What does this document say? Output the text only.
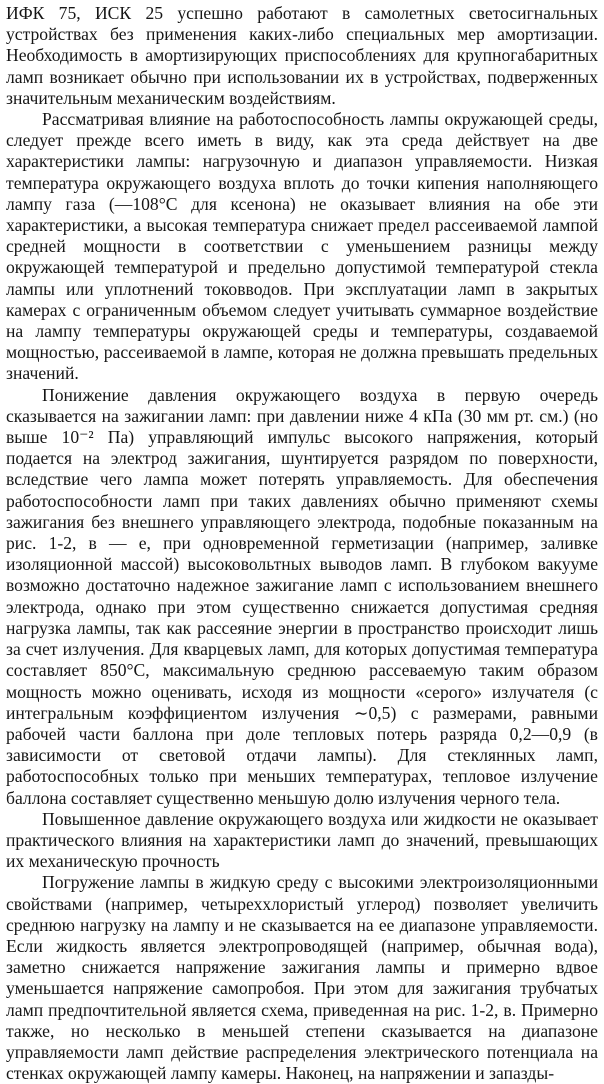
ИФК 75, ИСК 25 успешно работают в самолетных светосигнальных устройствах без применения каких-либо специальных мер амортизации. Необходимость в амортизирующих приспособлениях для крупногабаритных ламп возникает обычно при использовании их в устройствах, подверженных значительным механическим воздействиям.

Рассматривая влияние на работоспособность лампы окружающей среды, следует прежде всего иметь в виду, как эта среда действует на две характеристики лампы: нагрузочную и диапазон управляемости. Низкая температура окружающего воздуха вплоть до точки кипения наполняющего лампу газа (—108°С для ксенона) не оказывает влияния на обе эти характеристики, а высокая температура снижает предел рассеиваемой лампой средней мощности в соответствии с уменьшением разницы между окружающей температурой и предельно допустимой температурой стекла лампы или уплотнений токовводов. При эксплуатации ламп в закрытых камерах с ограниченным объемом следует учитывать суммарное воздействие на лампу температуры окружающей среды и температуры, создаваемой мощностью, рассеиваемой в лампе, которая не должна превышать предельных значений.

Понижение давления окружающего воздуха в первую очередь сказывается на зажигании ламп: при давлении ниже 4 кПа (30 мм рт. см.) (но выше 10⁻² Па) управляющий импульс высокого напряжения, который подается на электрод зажигания, шунтируется разрядом по поверхности, вследствие чего лампа может потерять управляемость. Для обеспечения работоспособности ламп при таких давлениях обычно применяют схемы зажигания без внешнего управляющего электрода, подобные показанным на рис. 1-2, в — е, при одновременной герметизации (например, заливке изоляционной массой) высоковольтных выводов ламп. В глубоком вакууме возможно достаточно надежное зажигание ламп с использованием внешнего электрода, однако при этом существенно снижается допустимая средняя нагрузка лампы, так как рассеяние энергии в пространство происходит лишь за счет излучения. Для кварцевых ламп, для которых допустимая температура составляет 850°С, максимальную среднюю рассеваемую таким образом мощность можно оценивать, исходя из мощности «серого» излучателя (с интегральным коэффициентом излучения ∼0,5) с размерами, равными рабочей части баллона при доле тепловых потерь разряда 0,2—0,9 (в зависимости от световой отдачи лампы). Для стеклянных ламп, работоспособных только при меньших температурах, тепловое излучение баллона составляет существенно меньшую долю излучения черного тела.

Повышенное давление окружающего воздуха или жидкости не оказывает практического влияния на характеристики ламп до значений, превышающих их механическую прочность

Погружение лампы в жидкую среду с высокими электроизоляционными свойствами (например, четыреххлористый углерод) позволяет увеличить среднюю нагрузку на лампу и не сказывается на ее диапазоне управляемости. Если жидкость является электропроводящей (например, обычная вода), заметно снижается напряжение зажигания лампы и примерно вдвое уменьшается напряжение самопробоя. При этом для зажигания трубчатых ламп предпочтительной является схема, приведенная на рис. 1-2, в. Примерно также, но несколько в меньшей степени сказывается на диапазоне управляемости ламп действие распределения электрического потенциала на стенках окружающей лампу камеры. Наконец, на напряжении и запазды-
